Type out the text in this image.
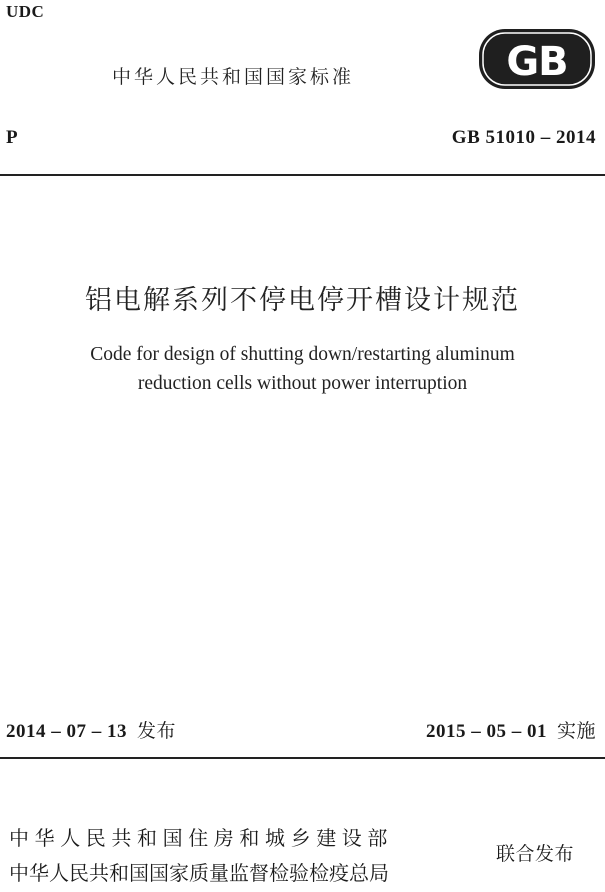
UDC
中华人民共和国国家标准	GB
P	GB 51010 – 2014
铝电解系列不停电停开槽设计规范
Code for design of shutting down/restarting aluminum
reduction cells without power interruption
2014 – 07 – 13 发布	2015 – 05 – 01 实施
中华人民共和国住房和城乡建设部
中华人民共和国国家质量监督检验检疫总局
联合发布
